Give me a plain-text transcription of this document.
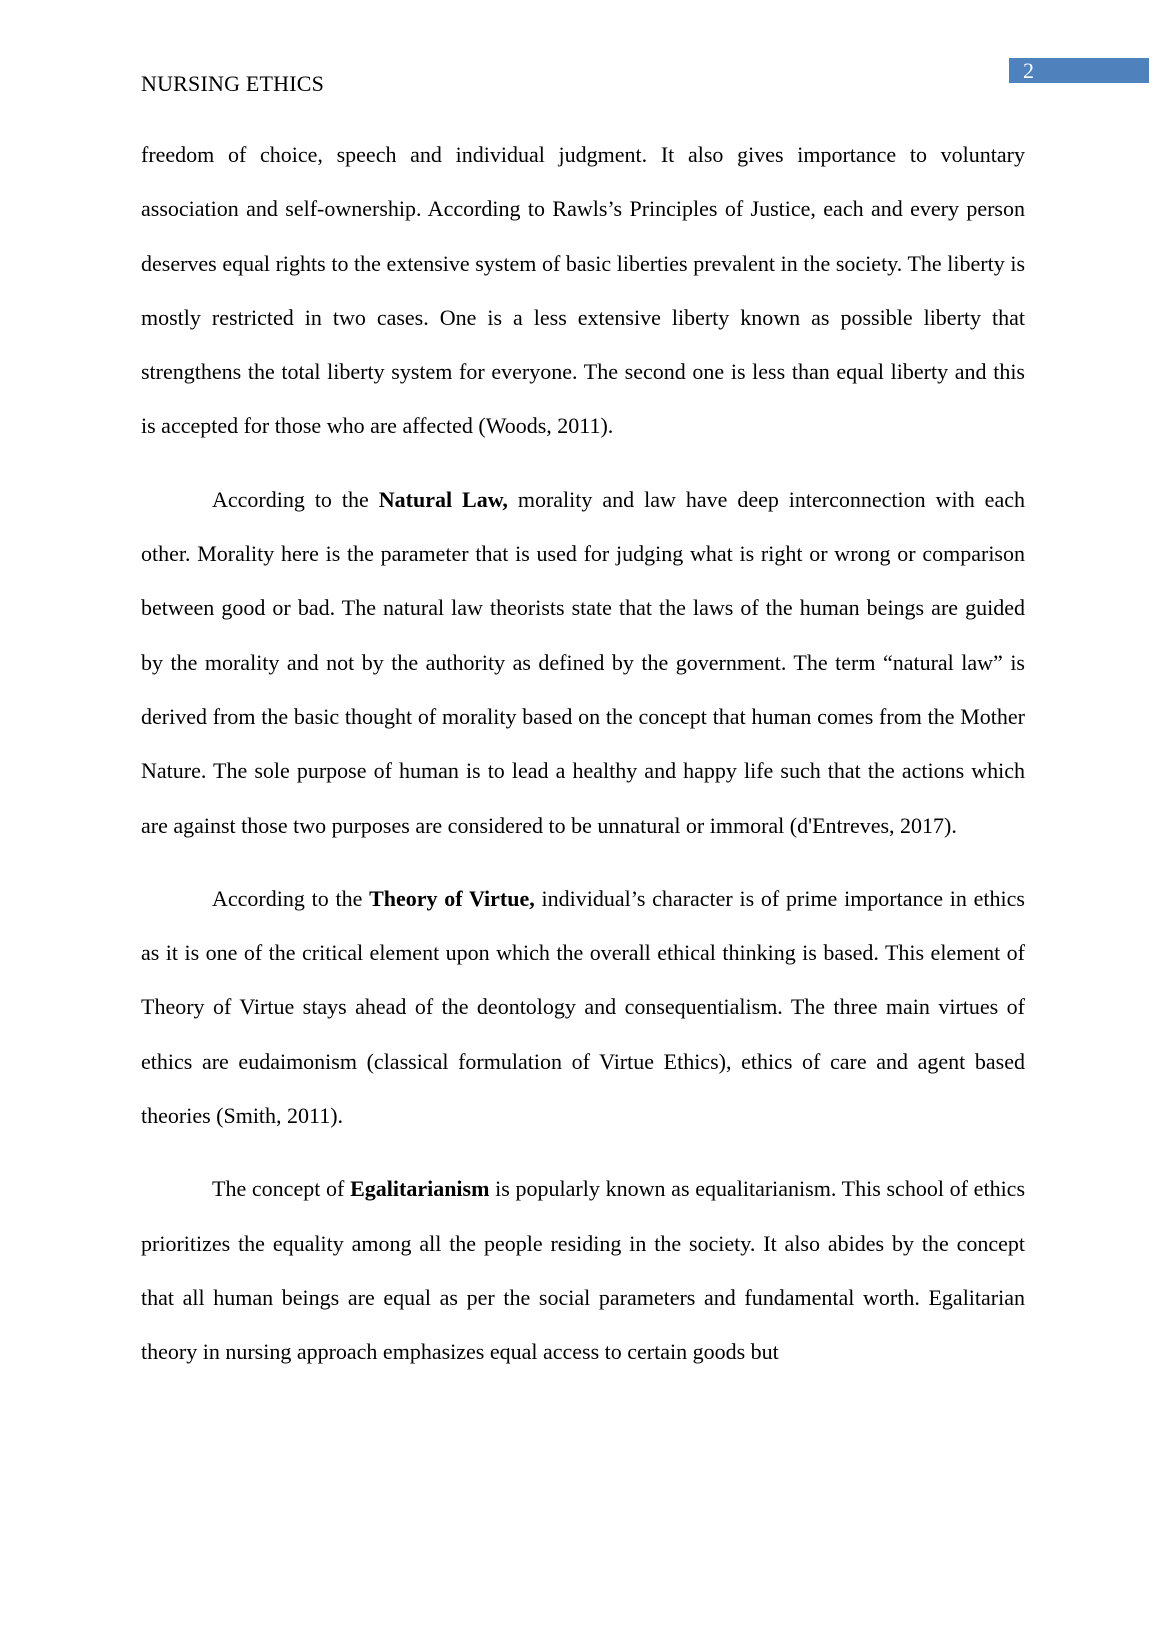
2
NURSING ETHICS

freedom of choice, speech and individual judgment. It also gives importance to voluntary association and self-ownership. According to Rawls’s Principles of Justice, each and every person deserves equal rights to the extensive system of basic liberties prevalent in the society. The liberty is mostly restricted in two cases. One is a less extensive liberty known as possible liberty that strengthens the total liberty system for everyone. The second one is less than equal liberty and this is accepted for those who are affected (Woods, 2011).

According to the Natural Law, morality and law have deep interconnection with each other. Morality here is the parameter that is used for judging what is right or wrong or comparison between good or bad. The natural law theorists state that the laws of the human beings are guided by the morality and not by the authority as defined by the government. The term “natural law” is derived from the basic thought of morality based on the concept that human comes from the Mother Nature. The sole purpose of human is to lead a healthy and happy life such that the actions which are against those two purposes are considered to be unnatural or immoral (d'Entreves, 2017).

According to the Theory of Virtue, individual’s character is of prime importance in ethics as it is one of the critical element upon which the overall ethical thinking is based. This element of Theory of Virtue stays ahead of the deontology and consequentialism. The three main virtues of ethics are eudaimonism (classical formulation of Virtue Ethics), ethics of care and agent based theories (Smith, 2011).

The concept of Egalitarianism is popularly known as equalitarianism. This school of ethics prioritizes the equality among all the people residing in the society. It also abides by the concept that all human beings are equal as per the social parameters and fundamental worth. Egalitarian theory in nursing approach emphasizes equal access to certain goods but
